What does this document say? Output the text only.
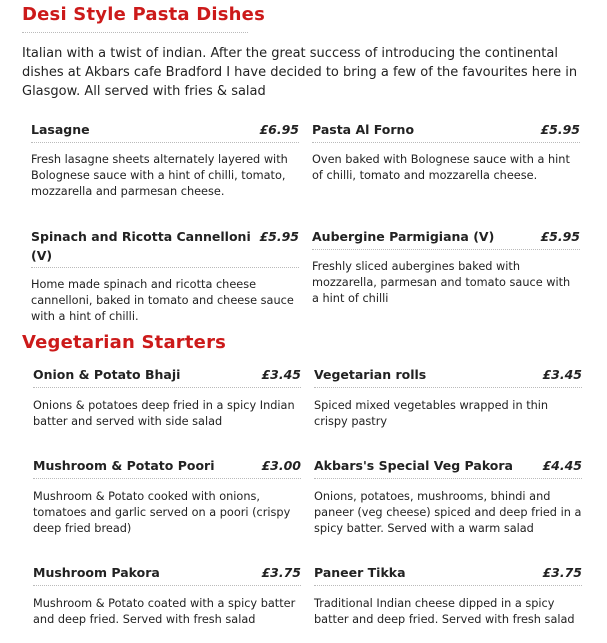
Desi Style Pasta Dishes
Italian with a twist of indian. After the great success of introducing the continental dishes at Akbars cafe Bradford I have decided to bring a few of the favourites here in Glasgow. All served with fries & salad
Lasagne	£6.95
Fresh lasagne sheets alternately layered with Bolognese sauce with a hint of chilli, tomato, mozzarella and parmesan cheese.
Pasta Al Forno	£5.95
Oven baked with Bolognese sauce with a hint of chilli, tomato and mozzarella cheese.
Spinach and Ricotta Cannelloni (V)
£5.95
Home made spinach and ricotta cheese cannelloni, baked in tomato and cheese sauce with a hint of chilli.
Aubergine Parmigiana (V)	£5.95
Freshly sliced aubergines baked with mozzarella, parmesan and tomato sauce with a hint of chilli
Vegetarian Starters
Onion & Potato Bhaji	£3.45
Onions & potatoes deep fried in a spicy Indian batter and served with side salad
Vegetarian rolls	£3.45
Spiced mixed vegetables wrapped in thin crispy pastry
Mushroom & Potato Poori	£3.00
Mushroom & Potato cooked with onions, tomatoes and garlic served on a poori (crispy deep fried bread)
Akbars's Special Veg Pakora	£4.45
Onions, potatoes, mushrooms, bhindi and paneer (veg cheese) spiced and deep fried in a spicy batter. Served with a warm salad
Mushroom Pakora	£3.75
Mushroom & Potato coated with a spicy batter and deep fried. Served with fresh salad
Paneer Tikka	£3.75
Traditional Indian cheese dipped in a spicy batter and deep fried. Served with fresh salad
